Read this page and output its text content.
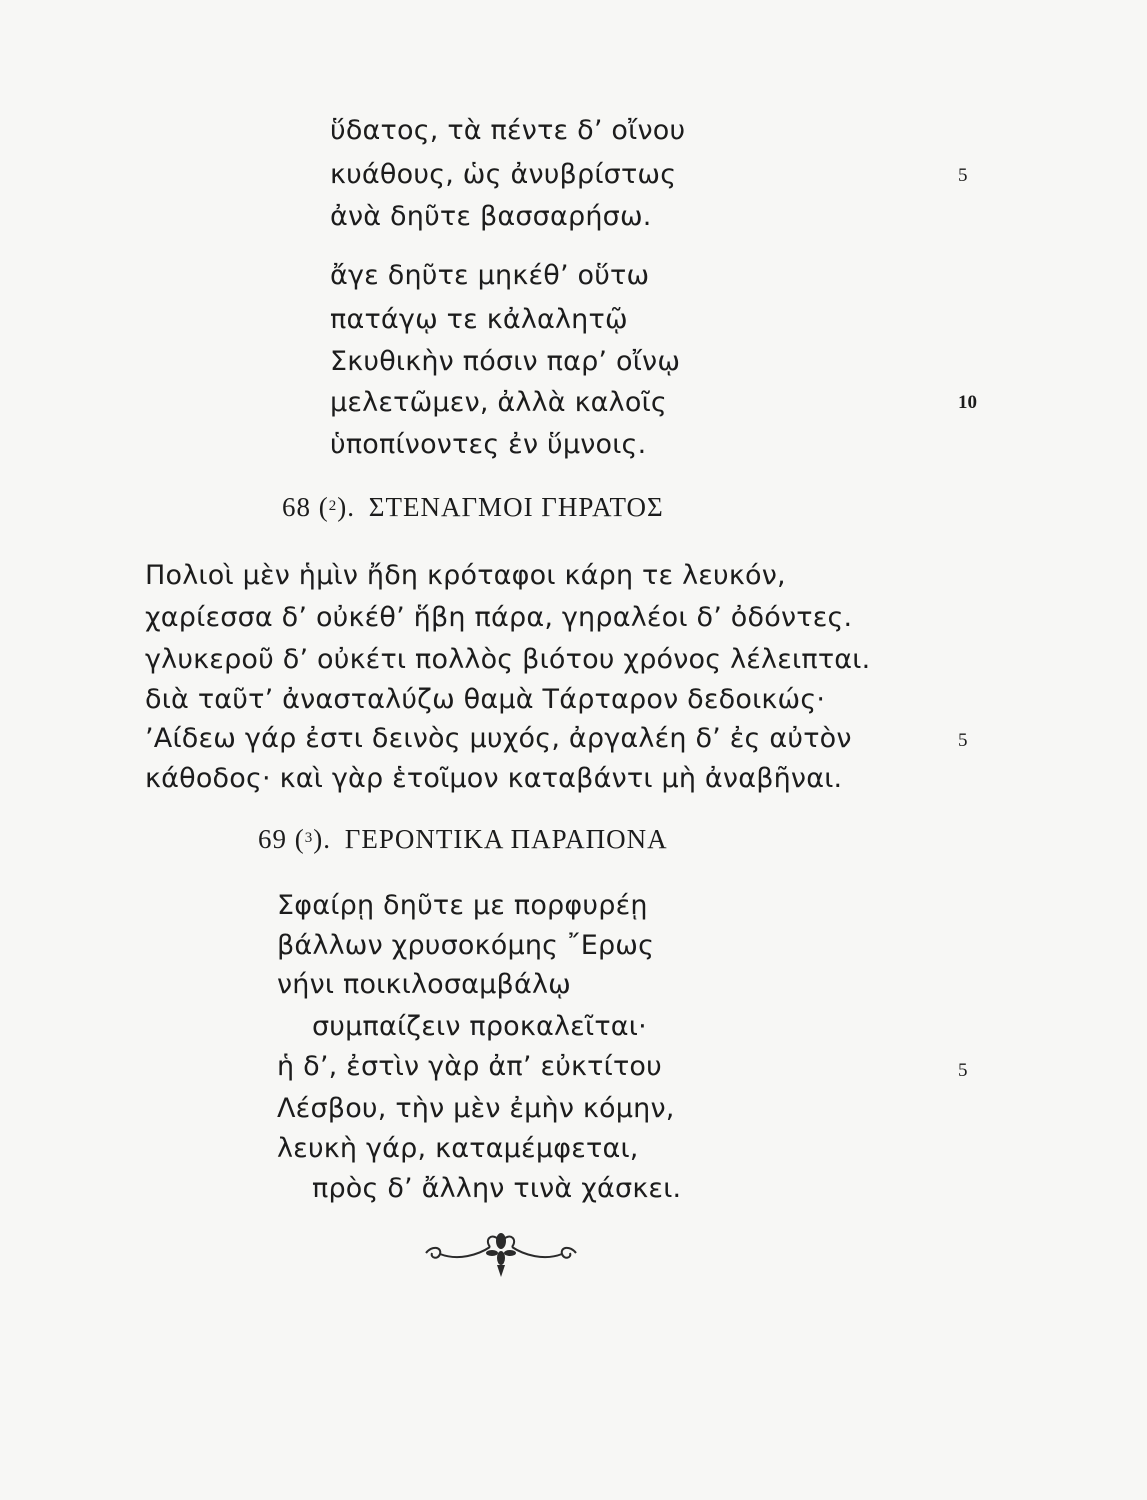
ὕδατος, τὰ πέντε δ’ οἴνου
κυάθους, ὡς ἀνυβρίστως	5
ἀνὰ δηῦτε βασσαρήσω.
ἄγε δηῦτε μηκέθ’ οὕτω
πατάγῳ τε κἀλαλητῷ
Σκυθικὴν πόσιν παρ’ οἴνῳ
μελετῶμεν, ἀλλὰ καλοῖς	10
ὑποπίνοντες ἐν ὕμνοις.
68 ($^2$). ΣΤΕΝΑΓΜΟΙ ΓΗΡΑΤΟΣ
Πολιοὶ μὲν ἡμὶν ἤδη κρόταφοι κάρη τε λευκόν,
χαρίεσσα δ’ οὐκέθ’ ἥβη πάρα, γηραλέοι δ’ ὀδόντες.
γλυκεροῦ δ’ οὐκέτι πολλὸς βιότου χρόνος λέλειπται.
διὰ ταῦτ’ ἀνασταλύζω θαμὰ Τάρταρον δεδοικώς·
’Αίδεω γάρ ἐστι δεινὸς μυχός, ἀργαλέη δ’ ἐς αὐτὸν	5
κάθοδος· καὶ γὰρ ἑτοῖμον καταβάντι μὴ ἀναβῆναι.
69 ($^3$). ΓΕΡΟΝΤΙΚΑ ΠΑΡΑΠΟΝΑ
Σφαίρῃ δηῦτε με πορφυρέῃ
βάλλων χρυσοκόμης ῎Ερως
νήνι ποικιλοσαμβάλῳ
συμπαίζειν προκαλεῖται·
ἡ δ’, ἐστὶν γὰρ ἀπ’ εὐκτίτου	5
Λέσβου, τὴν μὲν ἐμὴν κόμην,
λευκὴ γάρ, καταμέμφεται,
πρὸς δ’ ἄλλην τινὰ χάσκει.
